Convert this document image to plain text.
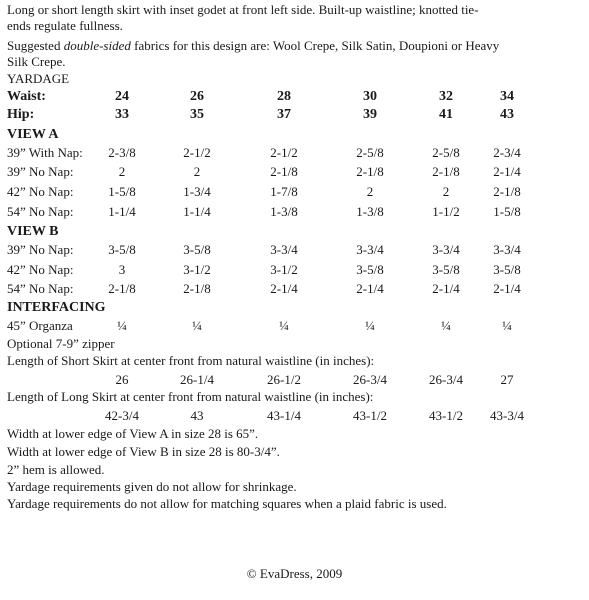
Long or short length skirt with inset godet at front left side. Built-up waistline; knotted tie-
ends regulate fullness.
Suggested double-sided fabrics for this design are: Wool Crepe, Silk Satin, Doupioni or Heavy
Silk Crepe.
YARDAGE
Waist:	24	26	28	30	32	34
Hip:	33	35	37	39	41	43
VIEW A
39” With Nap:	2-3/8	2-1/2	2-1/2	2-5/8	2-5/8	2-3/4
39” No Nap:	2	2	2-1/8	2-1/8	2-1/8	2-1/4
42” No Nap:	1-5/8	1-3/4	1-7/8	2	2	2-1/8
54” No Nap:	1-1/4	1-1/4	1-3/8	1-3/8	1-1/2	1-5/8
VIEW B
39” No Nap:	3-5/8	3-5/8	3-3/4	3-3/4	3-3/4	3-3/4
42” No Nap:	3	3-1/2	3-1/2	3-5/8	3-5/8	3-5/8
54” No Nap:	2-1/8	2-1/8	2-1/4	2-1/4	2-1/4	2-1/4
INTERFACING
45” Organza	¼	¼	¼	¼	¼	¼
Optional 7-9” zipper
Length of Short Skirt at center front from natural waistline (in inches):
26	26-1/4	26-1/2	26-3/4	26-3/4	27
Length of Long Skirt at center front from natural waistline (in inches):
42-3/4	43	43-1/4	43-1/2	43-1/2	43-3/4
Width at lower edge of View A in size 28 is 65”.
Width at lower edge of View B in size 28 is 80-3/4”.
2” hem is allowed.
Yardage requirements given do not allow for shrinkage.
Yardage requirements do not allow for matching squares when a plaid fabric is used.
© EvaDress, 2009
